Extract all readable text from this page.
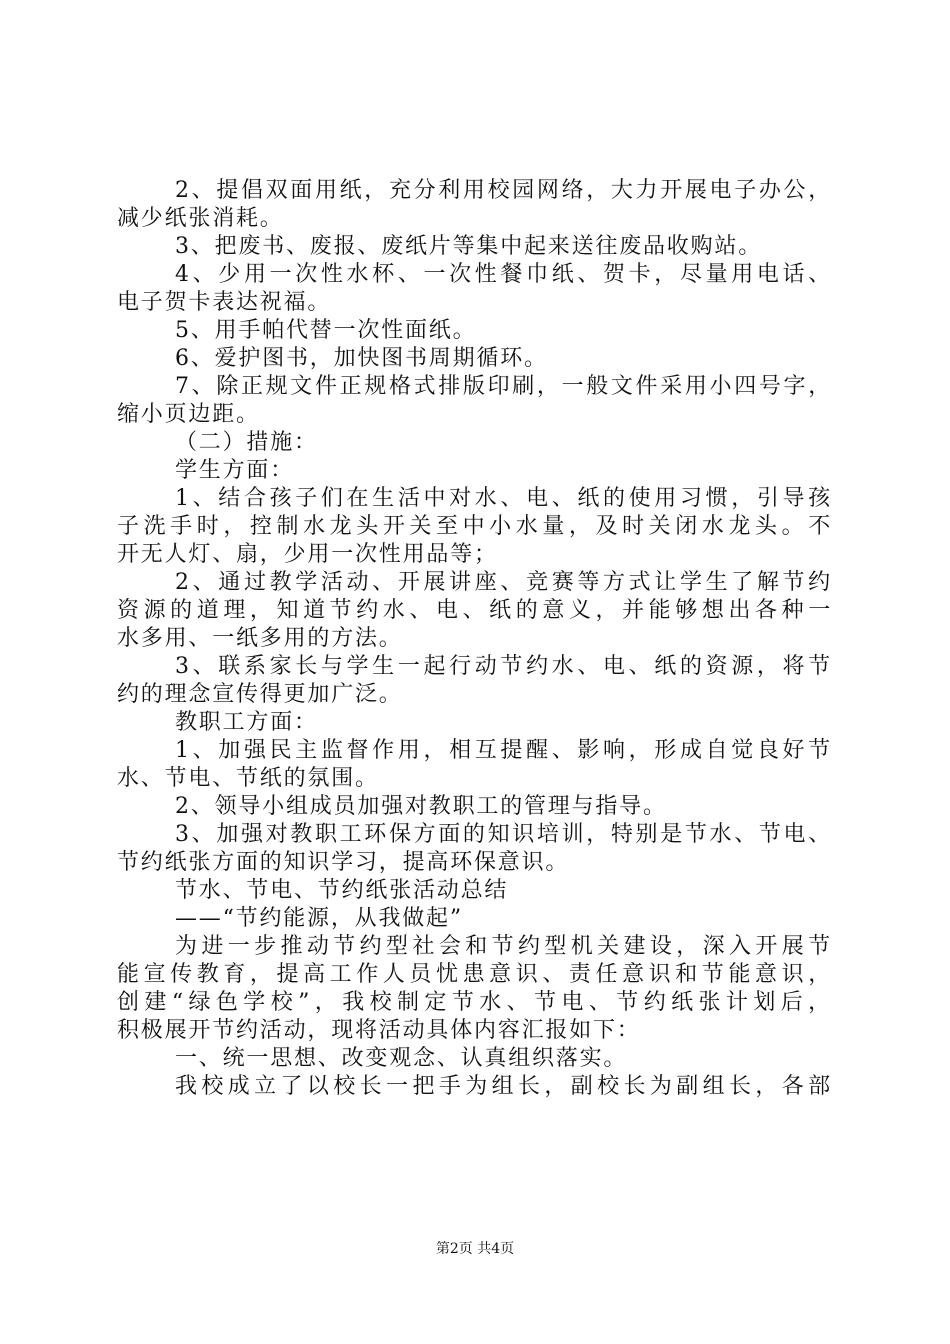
2、提倡双面用纸，充分利用校园网络，大力开展电子办公，
减少纸张消耗。
3、把废书、废报、废纸片等集中起来送往废品收购站。
4、少用一次性水杯、一次性餐巾纸、贺卡，尽量用电话、
电子贺卡表达祝福。
5、用手帕代替一次性面纸。
6、爱护图书，加快图书周期循环。
7、除正规文件正规格式排版印刷，一般文件采用小四号字，
缩小页边距。
（二）措施：
学生方面：
1、结合孩子们在生活中对水、电、纸的使用习惯，引导孩
子洗手时，控制水龙头开关至中小水量，及时关闭水龙头。不
开无人灯、扇，少用一次性用品等；
2、通过教学活动、开展讲座、竞赛等方式让学生了解节约
资源的道理，知道节约水、电、纸的意义，并能够想出各种一
水多用、一纸多用的方法。
3、联系家长与学生一起行动节约水、电、纸的资源，将节
约的理念宣传得更加广泛。
教职工方面：
1、加强民主监督作用，相互提醒、影响，形成自觉良好节
水、节电、节纸的氛围。
2、领导小组成员加强对教职工的管理与指导。
3、加强对教职工环保方面的知识培训，特别是节水、节电、
节约纸张方面的知识学习，提高环保意识。
节水、节电、节约纸张活动总结
——“节约能源，从我做起”
为进一步推动节约型社会和节约型机关建设，深入开展节
能宣传教育，提高工作人员忧患意识、责任意识和节能意识，
创建“绿色学校”，我校制定节水、节电、节约纸张计划后，
积极展开节约活动，现将活动具体内容汇报如下：
一、统一思想、改变观念、认真组织落实。
我校成立了以校长一把手为组长，副校长为副组长，各部
第2页 共4页
